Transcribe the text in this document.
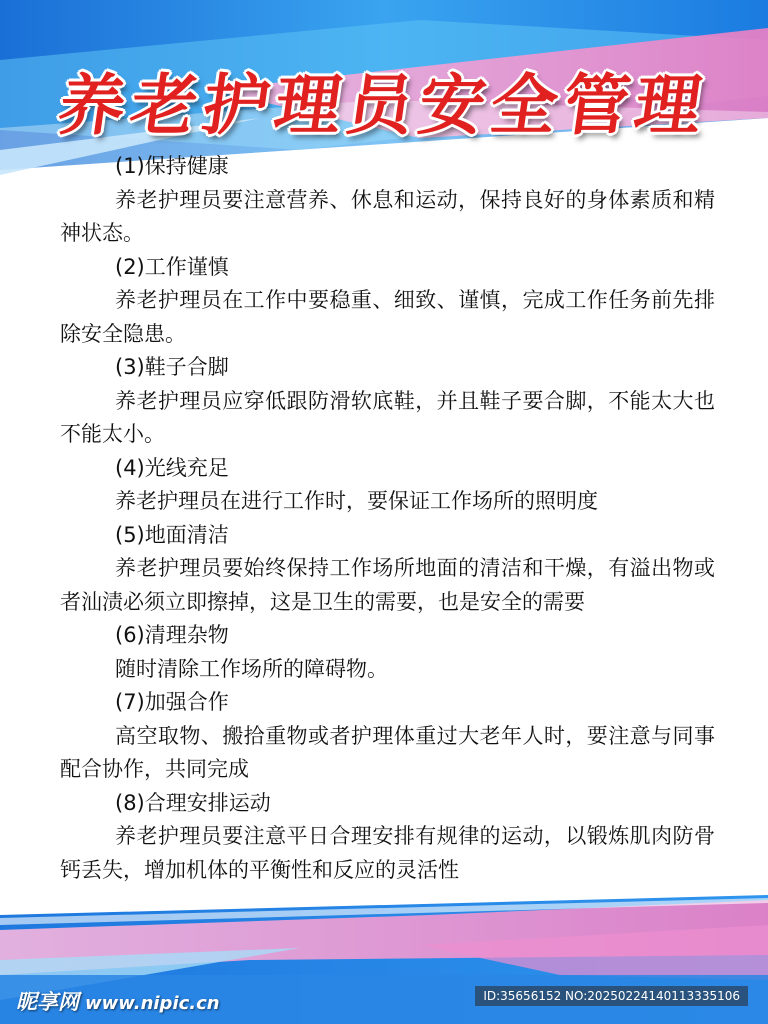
养老护理员安全管理

(1)保持健康

养老护理员要注意营养、休息和运动，保持良好的身体素质和精神状态。

(2)工作谨慎

养老护理员在工作中要稳重、细致、谨慎，完成工作任务前先排除安全隐患。

(3)鞋子合脚

养老护理员应穿低跟防滑软底鞋，并且鞋子要合脚，不能太大也不能太小。

(4)光线充足

养老护理员在进行工作时，要保证工作场所的照明度

(5)地面清洁

养老护理员要始终保持工作场所地面的清洁和干燥，有溢出物或者汕渍必须立即擦掉，这是卫生的需要，也是安全的需要

(6)清理杂物

随时清除工作场所的障碍物。

(7)加强合作

高空取物、搬拾重物或者护理体重过大老年人时，要注意与同事配合协作，共同完成

(8)合理安排运动

养老护理员要注意平日合理安排有规律的运动，以锻炼肌肉防骨钙丢失，增加机体的平衡性和反应的灵活性

昵享网 www.nipic.cn	ID:35656152 NO:20250224140113335106
